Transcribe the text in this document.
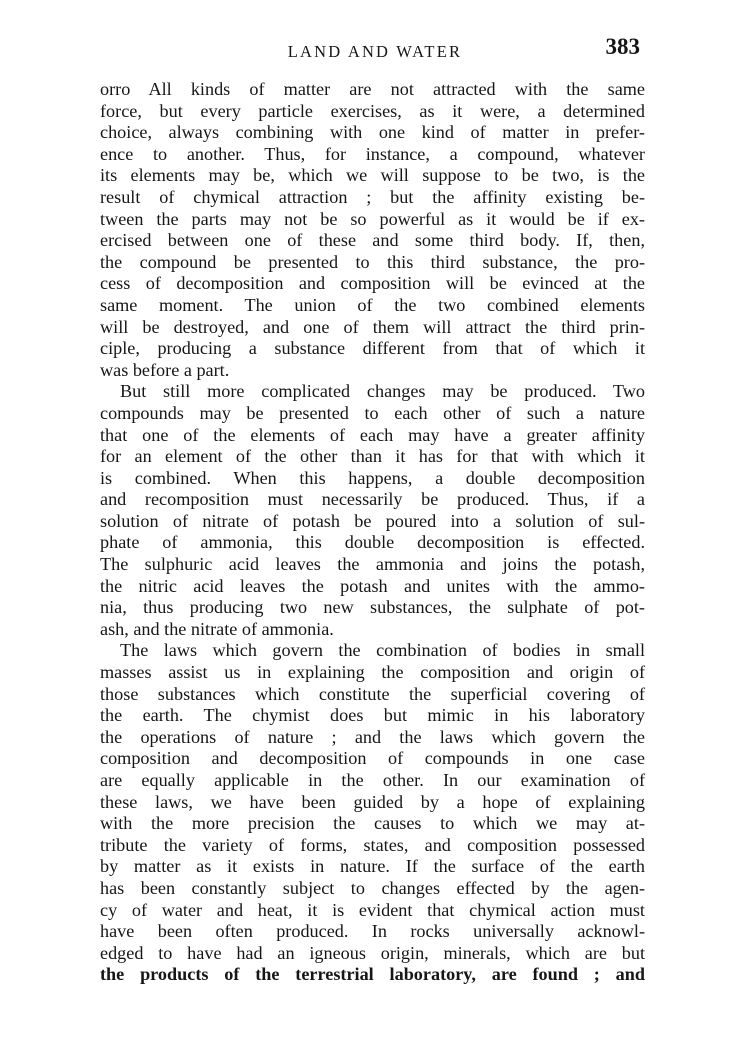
LAND AND WATER	383
orro All kinds of matter are not attracted with the same
force, but every particle exercises, as it were, a determined
choice, always combining with one kind of matter in prefer-
ence to another. Thus, for instance, a compound, whatever
its elements may be, which we will suppose to be two, is the
result of chymical attraction ; but the affinity existing be-
tween the parts may not be so powerful as it would be if ex-
ercised between one of these and some third body. If, then,
the compound be presented to this third substance, the pro-
cess of decomposition and composition will be evinced at the
same moment. The union of the two combined elements
will be destroyed, and one of them will attract the third prin-
ciple, producing a substance different from that of which it
was before a part.
But still more complicated changes may be produced. Two
compounds may be presented to each other of such a nature
that one of the elements of each may have a greater affinity
for an element of the other than it has for that with which it
is combined. When this happens, a double decomposition
and recomposition must necessarily be produced. Thus, if a
solution of nitrate of potash be poured into a solution of sul-
phate of ammonia, this double decomposition is effected.
The sulphuric acid leaves the ammonia and joins the potash,
the nitric acid leaves the potash and unites with the ammo-
nia, thus producing two new substances, the sulphate of pot-
ash, and the nitrate of ammonia.
The laws which govern the combination of bodies in small
masses assist us in explaining the composition and origin of
those substances which constitute the superficial covering of
the earth. The chymist does but mimic in his laboratory
the operations of nature ; and the laws which govern the
composition and decomposition of compounds in one case
are equally applicable in the other. In our examination of
these laws, we have been guided by a hope of explaining
with the more precision the causes to which we may at-
tribute the variety of forms, states, and composition possessed
by matter as it exists in nature. If the surface of the earth
has been constantly subject to changes effected by the agen-
cy of water and heat, it is evident that chymical action must
have been often produced. In rocks universally acknowl-
edged to have had an igneous origin, minerals, which are but
the products of the terrestrial laboratory, are found ; and
